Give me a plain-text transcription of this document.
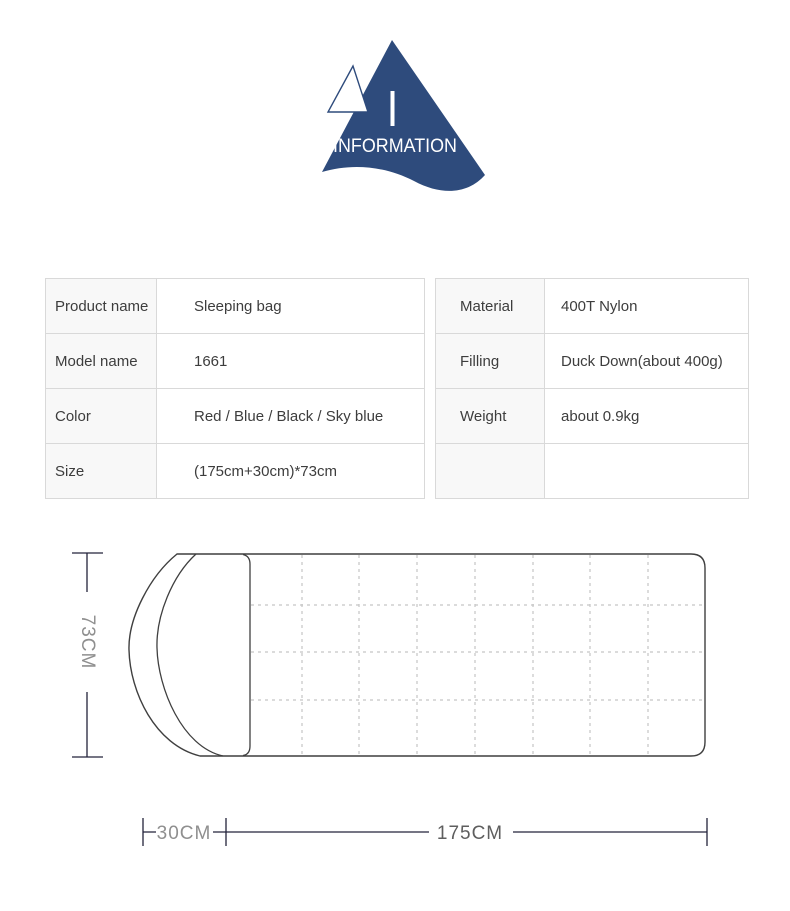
INFORMATION
Product name	Sleeping bag
Model name	1661
Color	Red / Blue / Black / Sky blue
Size	(175cm+30cm)*73cm
Material	400T Nylon
Filling	Duck Down(about 400g)
Weight	about 0.9kg

73CM
30CM	175CM
